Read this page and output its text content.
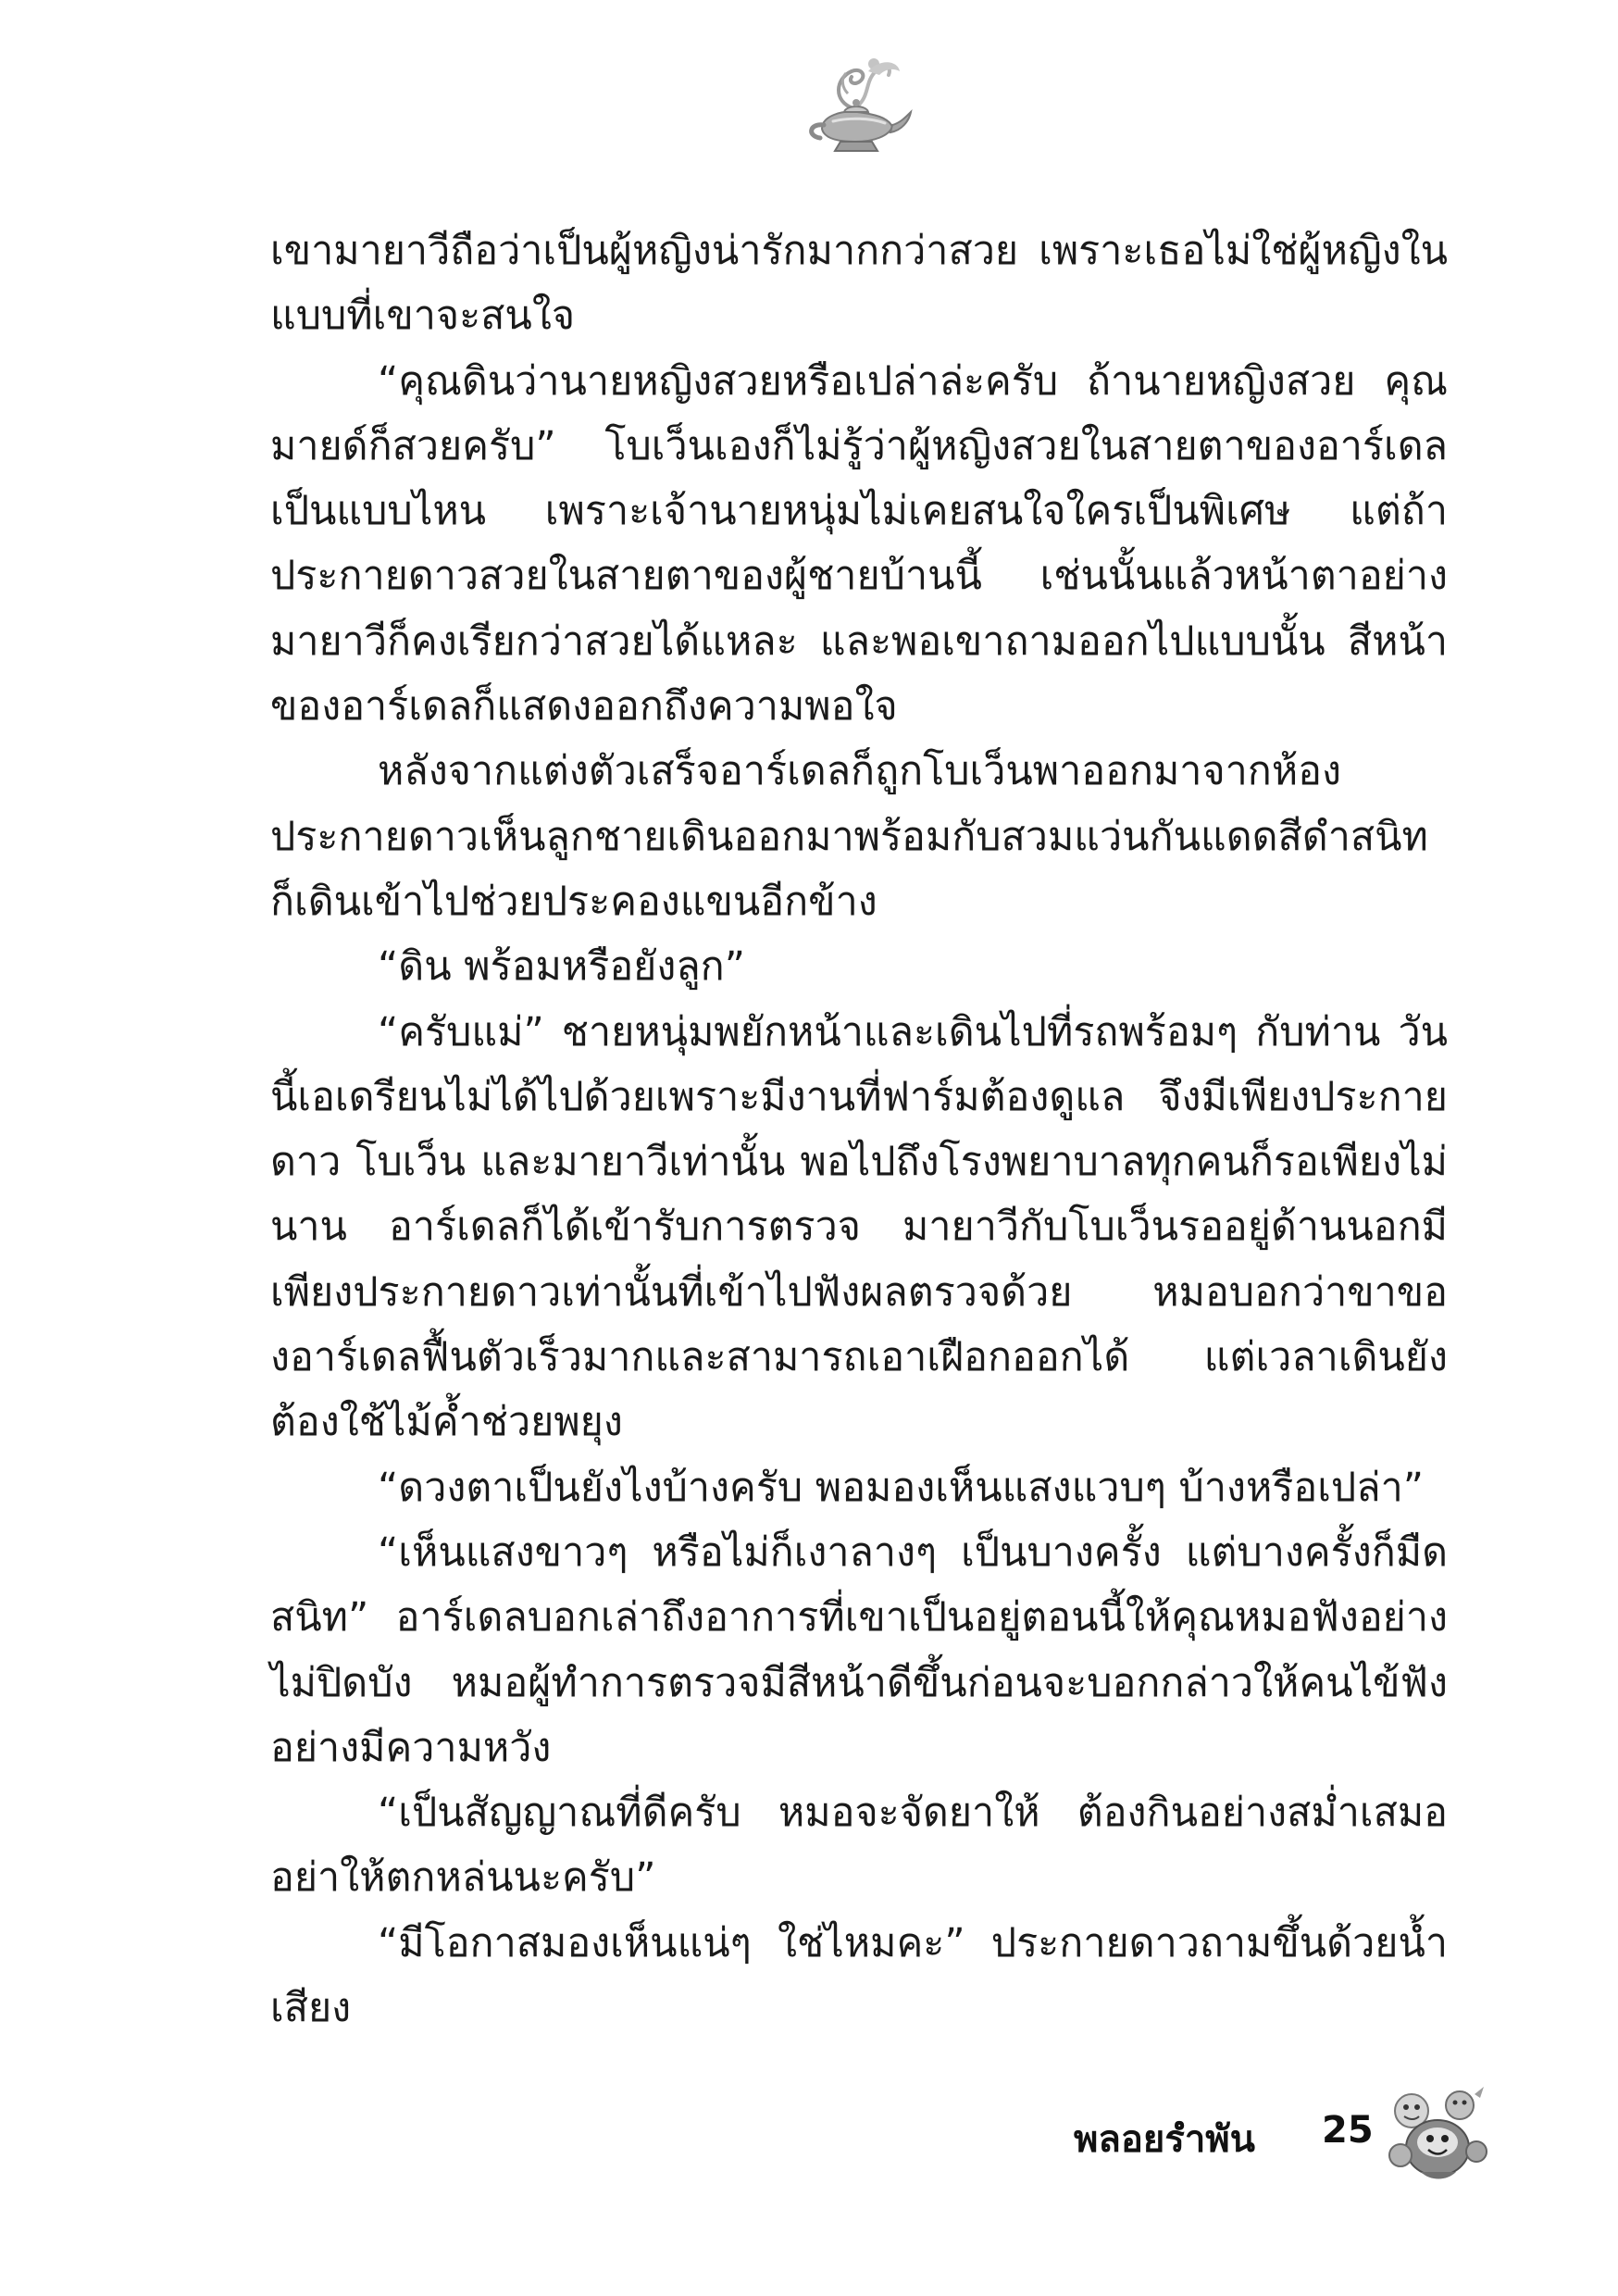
เขามายาวีถือว่าเป็นผู้หญิงน่ารักมากกว่าสวย เพราะเธอไม่ใช่ผู้หญิงในแบบที่เขาจะสนใจ

“คุณดินว่านายหญิงสวยหรือเปล่าล่ะครับ ถ้านายหญิงสวย คุณมายด์ก็สวยครับ” โบเว็นเองก็ไม่รู้ว่าผู้หญิงสวยในสายตาของอาร์เดลเป็นแบบไหน เพราะเจ้านายหนุ่มไม่เคยสนใจใครเป็นพิเศษ แต่ถ้าประกายดาวสวยในสายตาของผู้ชายบ้านนี้ เช่นนั้นแล้วหน้าตาอย่างมายาวีก็คงเรียกว่าสวยได้แหละ และพอเขาถามออกไปแบบนั้น สีหน้าของอาร์เดลก็แสดงออกถึงความพอใจ

หลังจากแต่งตัวเสร็จอาร์เดลก็ถูกโบเว็นพาออกมาจากห้อง ประกายดาวเห็นลูกชายเดินออกมาพร้อมกับสวมแว่นกันแดดสีดำสนิท ก็เดินเข้าไปช่วยประคองแขนอีกข้าง

“ดิน พร้อมหรือยังลูก”

“ครับแม่” ชายหนุ่มพยักหน้าและเดินไปที่รถพร้อมๆ กับท่าน วันนี้เอเดรียนไม่ได้ไปด้วยเพราะมีงานที่ฟาร์มต้องดูแล จึงมีเพียงประกายดาว โบเว็น และมายาวีเท่านั้น พอไปถึงโรงพยาบาลทุกคนก็รอเพียงไม่นาน อาร์เดลก็ได้เข้ารับการตรวจ มายาวีกับโบเว็นรออยู่ด้านนอกมีเพียงประกายดาวเท่านั้นที่เข้าไปฟังผลตรวจด้วย หมอบอกว่าขาของอาร์เดลฟื้นตัวเร็วมากและสามารถเอาเฝือกออกได้ แต่เวลาเดินยังต้องใช้ไม้ค้ำช่วยพยุง

“ดวงตาเป็นยังไงบ้างครับ พอมองเห็นแสงแวบๆ บ้างหรือเปล่า”

“เห็นแสงขาวๆ หรือไม่ก็เงาลางๆ เป็นบางครั้ง แต่บางครั้งก็มืดสนิท” อาร์เดลบอกเล่าถึงอาการที่เขาเป็นอยู่ตอนนี้ให้คุณหมอฟังอย่างไม่ปิดบัง หมอผู้ทำการตรวจมีสีหน้าดีขึ้นก่อนจะบอกกล่าวให้คนไข้ฟังอย่างมีความหวัง

“เป็นสัญญาณที่ดีครับ หมอจะจัดยาให้ ต้องกินอย่างสม่ำเสมออย่าให้ตกหล่นนะครับ”

“มีโอกาสมองเห็นแน่ๆ ใช่ไหมคะ” ประกายดาวถามขึ้นด้วยน้ำเสียง

พลอยรำพัน 25
